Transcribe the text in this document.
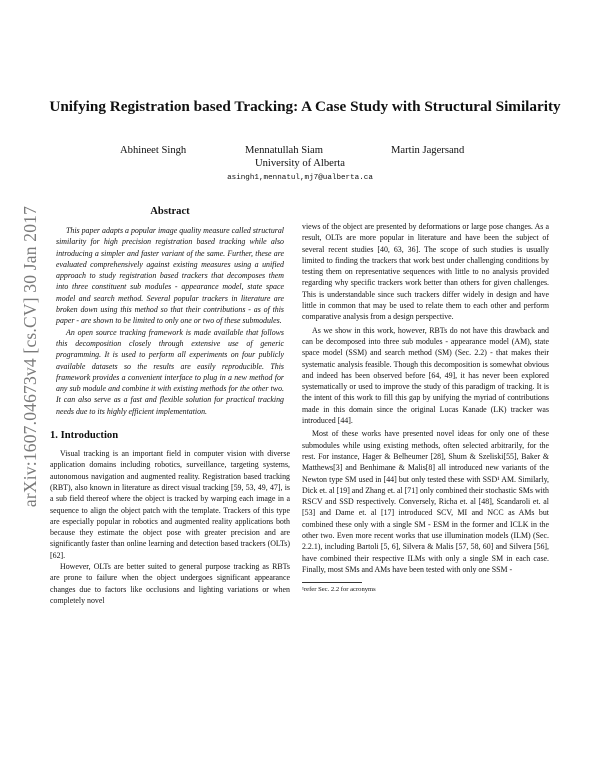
arXiv:1607.04673v4 [cs.CV] 30 Jan 2017
Unifying Registration based Tracking: A Case Study with Structural Similarity
Abhineet Singh	Mennatullah Siam	Martin Jagersand
University of Alberta
asingh1,mennatul,mj7@ualberta.ca
Abstract

This paper adapts a popular image quality measure called structural similarity for high precision registration based tracking while also introducing a simpler and faster variant of the same. Further, these are evaluated comprehensively against existing measures using a unified approach to study registration based trackers that decomposes them into three constituent sub modules - appearance model, state space model and search method. Several popular trackers in literature are broken down using this method so that their contributions - as of this paper - are shown to be limited to only one or two of these submodules.

An open source tracking framework is made available that follows this decomposition closely through extensive use of generic programming. It is used to perform all experiments on four publicly available datasets so the results are easily reproducible. This framework provides a convenient interface to plug in a new method for any sub module and combine it with existing methods for the other two. It can also serve as a fast and flexible solution for practical tracking needs due to its highly efficient implementation.

1. Introduction

Visual tracking is an important field in computer vision with diverse application domains including robotics, surveillance, targeting systems, autonomous navigation and augmented reality. Registration based tracking (RBT), also known in literature as direct visual tracking [59, 53, 49, 47], is a sub field thereof where the object is tracked by warping each image in a sequence to align the object patch with the template. Trackers of this type are especially popular in robotics and augmented reality applications both because they estimate the object pose with greater precision and are significantly faster than online learning and detection based trackers (OLTs) [62].

However, OLTs are better suited to general purpose tracking as RBTs are prone to failure when the object undergoes significant appearance changes due to factors like occlusions and lighting variations or when completely novel

views of the object are presented by deformations or large pose changes. As a result, OLTs are more popular in literature and have been the subject of several recent studies [40, 63, 36]. The scope of such studies is usually limited to finding the trackers that work best under challenging conditions by testing them on representative sequences with little to no analysis provided regarding why specific trackers work better than others for given challenges. This is understandable since such trackers differ widely in design and have little in common that may be used to relate them to each other and perform comparative analysis from a design perspective.

As we show in this work, however, RBTs do not have this drawback and can be decomposed into three sub modules - appearance model (AM), state space model (SSM) and search method (SM) (Sec. 2.2) - that makes their systematic analysis feasible. Though this decomposition is somewhat obvious and indeed has been observed before [64, 49], it has never been explored systematically or used to improve the study of this paradigm of tracking. It is the intent of this work to fill this gap by unifying the myriad of contributions made in this domain since the original Lucas Kanade (LK) tracker was introduced [44].

Most of these works have presented novel ideas for only one of these submodules while using existing methods, often selected arbitrarily, for the rest. For instance, Hager & Belheumer [28], Shum & Szeliski[55], Baker & Matthews[3] and Benhimane & Malis[8] all introduced new variants of the Newton type SM used in [44] but only tested these with SSD¹ AM. Similarly, Dick et. al [19] and Zhang et. al [71] only combined their stochastic SMs with RSCV and SSD respectively. Conversely, Richa et. al [48], Scandaroli et. al [53] and Dame et. al [17] introduced SCV, MI and NCC as AMs but combined these only with a single SM - ESM in the former and ICLK in the other two. Even more recent works that use illumination models (ILM) (Sec. 2.2.1), including Bartoli [5, 6], Silvera & Malis [57, 58, 60] and Silvera [56], have combined their respective ILMs with only a single SM in each case. Finally, most SMs and AMs have been tested with only one SSM -

¹refer Sec. 2.2 for acronyms
